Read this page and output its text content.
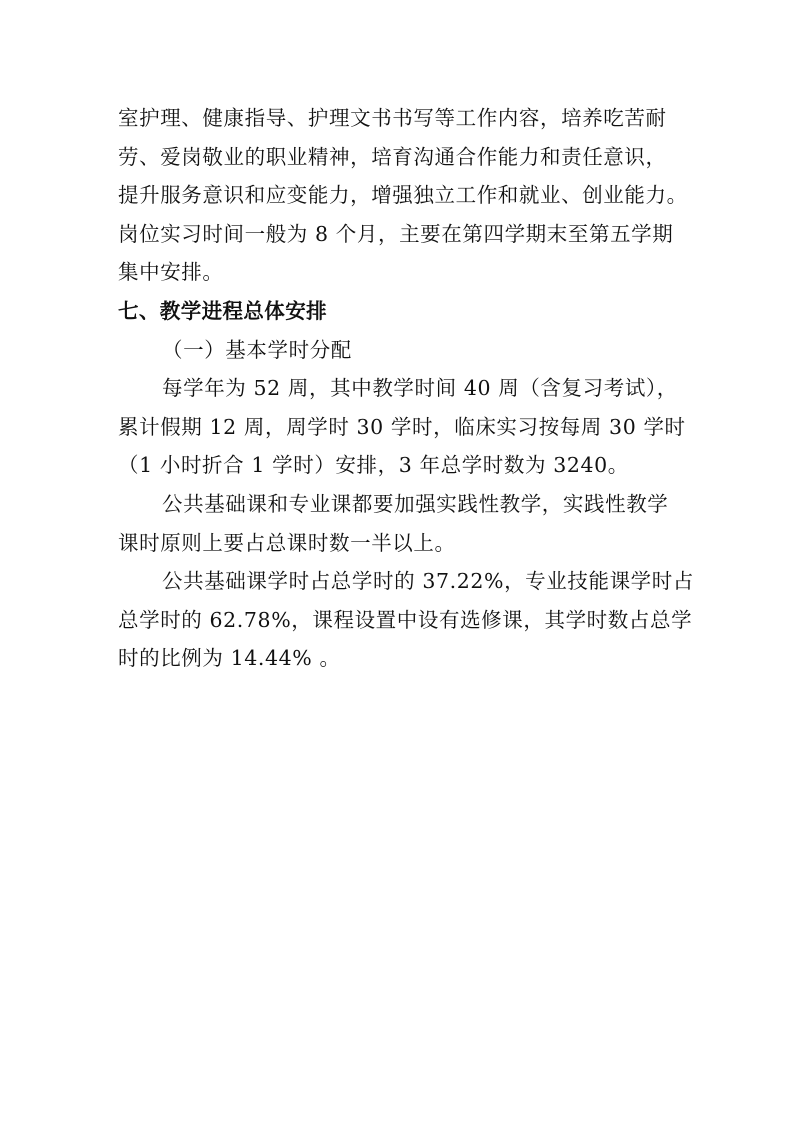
室护理、健康指导、护理文书书写等工作内容，培养吃苦耐
劳、爱岗敬业的职业精神，培育沟通合作能力和责任意识，
提升服务意识和应变能力，增强独立工作和就业、创业能力。
岗位实习时间一般为 8 个月，主要在第四学期末至第五学期
集中安排。
七、教学进程总体安排
（一）基本学时分配
每学年为 52 周，其中教学时间 40 周（含复习考试），
累计假期 12 周，周学时 30 学时，临床实习按每周 30 学时
（1 小时折合 1 学时）安排，3 年总学时数为 3240。
公共基础课和专业课都要加强实践性教学，实践性教学
课时原则上要占总课时数一半以上。
公共基础课学时占总学时的 37.22%，专业技能课学时占
总学时的 62.78%，课程设置中设有选修课，其学时数占总学
时的比例为 14.44% 。
